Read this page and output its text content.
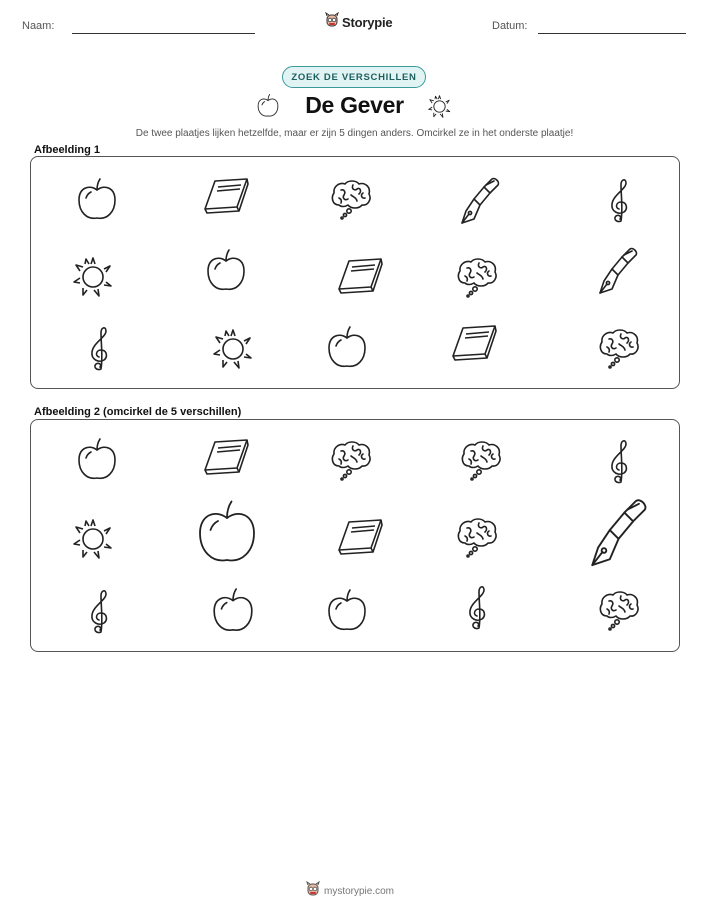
Naam:	Storypie	Datum:
ZOEK DE VERSCHILLEN
De Gever
De twee plaatjes lijken hetzelfde, maar er zijn 5 dingen anders. Omcirkel ze in het onderste plaatje!
Afbeelding 1
Afbeelding 2 (omcirkel de 5 verschillen)
mystorypie.com
